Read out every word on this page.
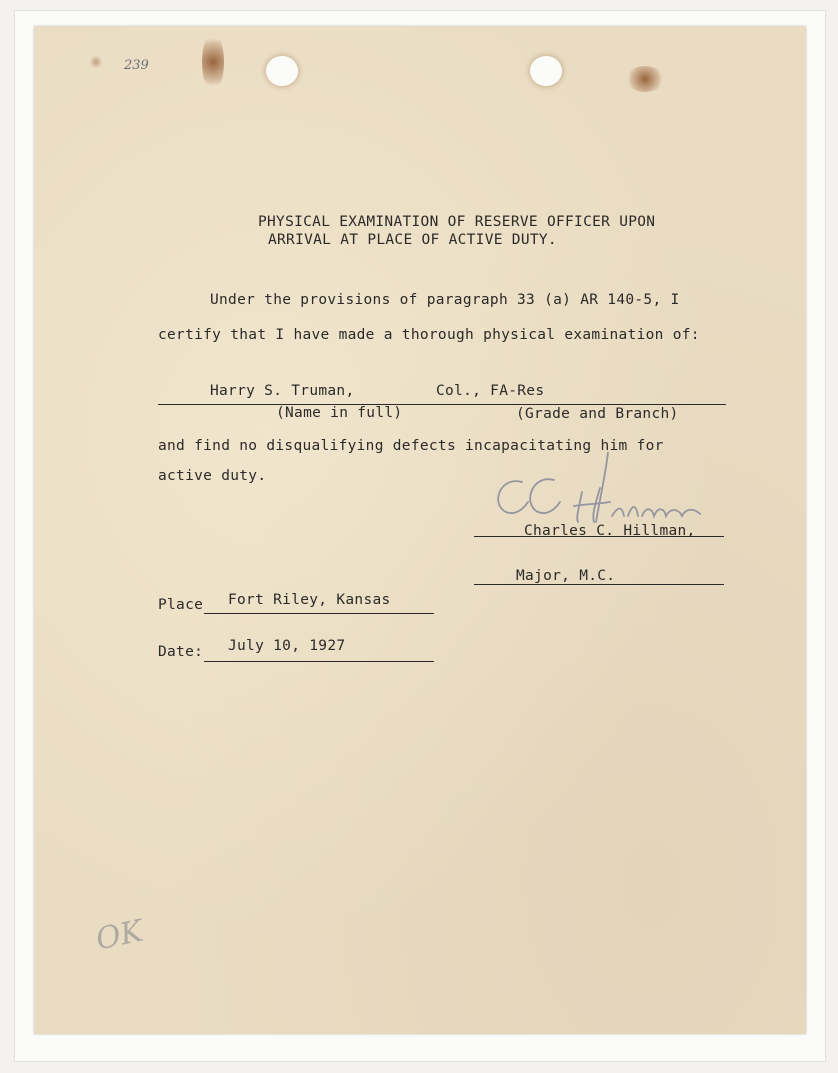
239
PHYSICAL EXAMINATION OF RESERVE OFFICER UPON
ARRIVAL AT PLACE OF ACTIVE DUTY.
Under the provisions of paragraph 33 (a) AR 140-5, I
certify that I have made a thorough physical examination of:
Harry S. Truman,	Col., FA-Res
(Name in full)	(Grade and Branch)
and find no disqualifying defects incapacitating him for
active duty.
Charles C. Hillman,
Major, M.C.
Place Fort Riley, Kansas
Date: July 10, 1927
OK
